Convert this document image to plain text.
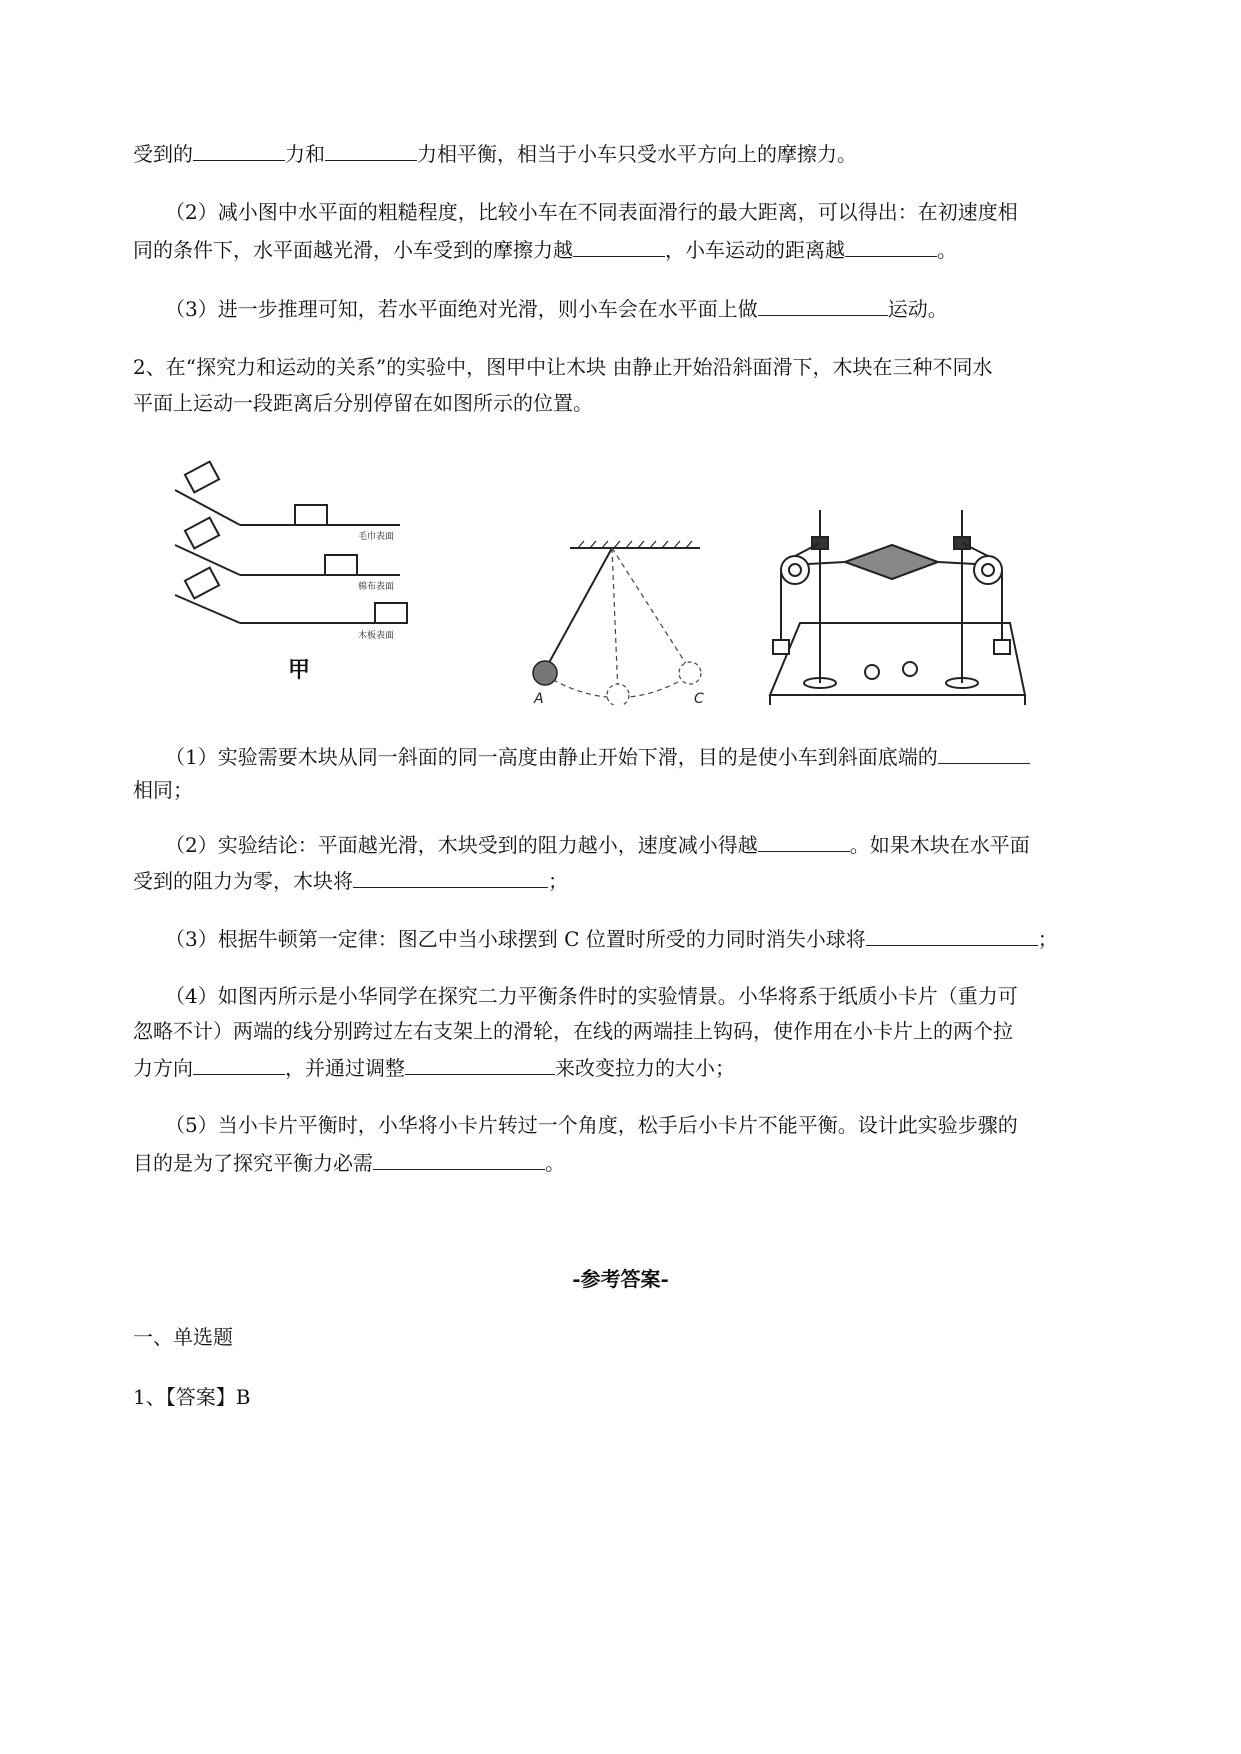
受到的	力和	力相平衡，相当于小车只受水平方向上的摩擦力。
（2）减小图中水平面的粗糙程度，比较小车在不同表面滑行的最大距离，可以得出：在初速度相
同的条件下，水平面越光滑，小车受到的摩擦力越	，小车运动的距离越	。
（3）进一步推理可知，若水平面绝对光滑，则小车会在水平面上做	运动。
2、在“探究力和运动的关系”的实验中，图甲中让木块 由静止开始沿斜面滑下，木块在三种不同水
平面上运动一段距离后分别停留在如图所示的位置。
毛巾表面
棉布表面
木板表面
甲
A	C
（1）实验需要木块从同一斜面的同一高度由静止开始下滑，目的是使小车到斜面底端的
相同；
（2）实验结论：平面越光滑，木块受到的阻力越小，速度减小得越	。如果木块在水平面
受到的阻力为零，木块将	；
（3）根据牛顿第一定律：图乙中当小球摆到 C 位置时所受的力同时消失小球将	；
（4）如图丙所示是小华同学在探究二力平衡条件时的实验情景。小华将系于纸质小卡片（重力可
忽略不计）两端的线分别跨过左右支架上的滑轮，在线的两端挂上钩码，使作用在小卡片上的两个拉
力方向	，并通过调整	来改变拉力的大小；
（5）当小卡片平衡时，小华将小卡片转过一个角度，松手后小卡片不能平衡。设计此实验步骤的
目的是为了探究平衡力必需	。
-参考答案-
一、单选题
1、【答案】B
